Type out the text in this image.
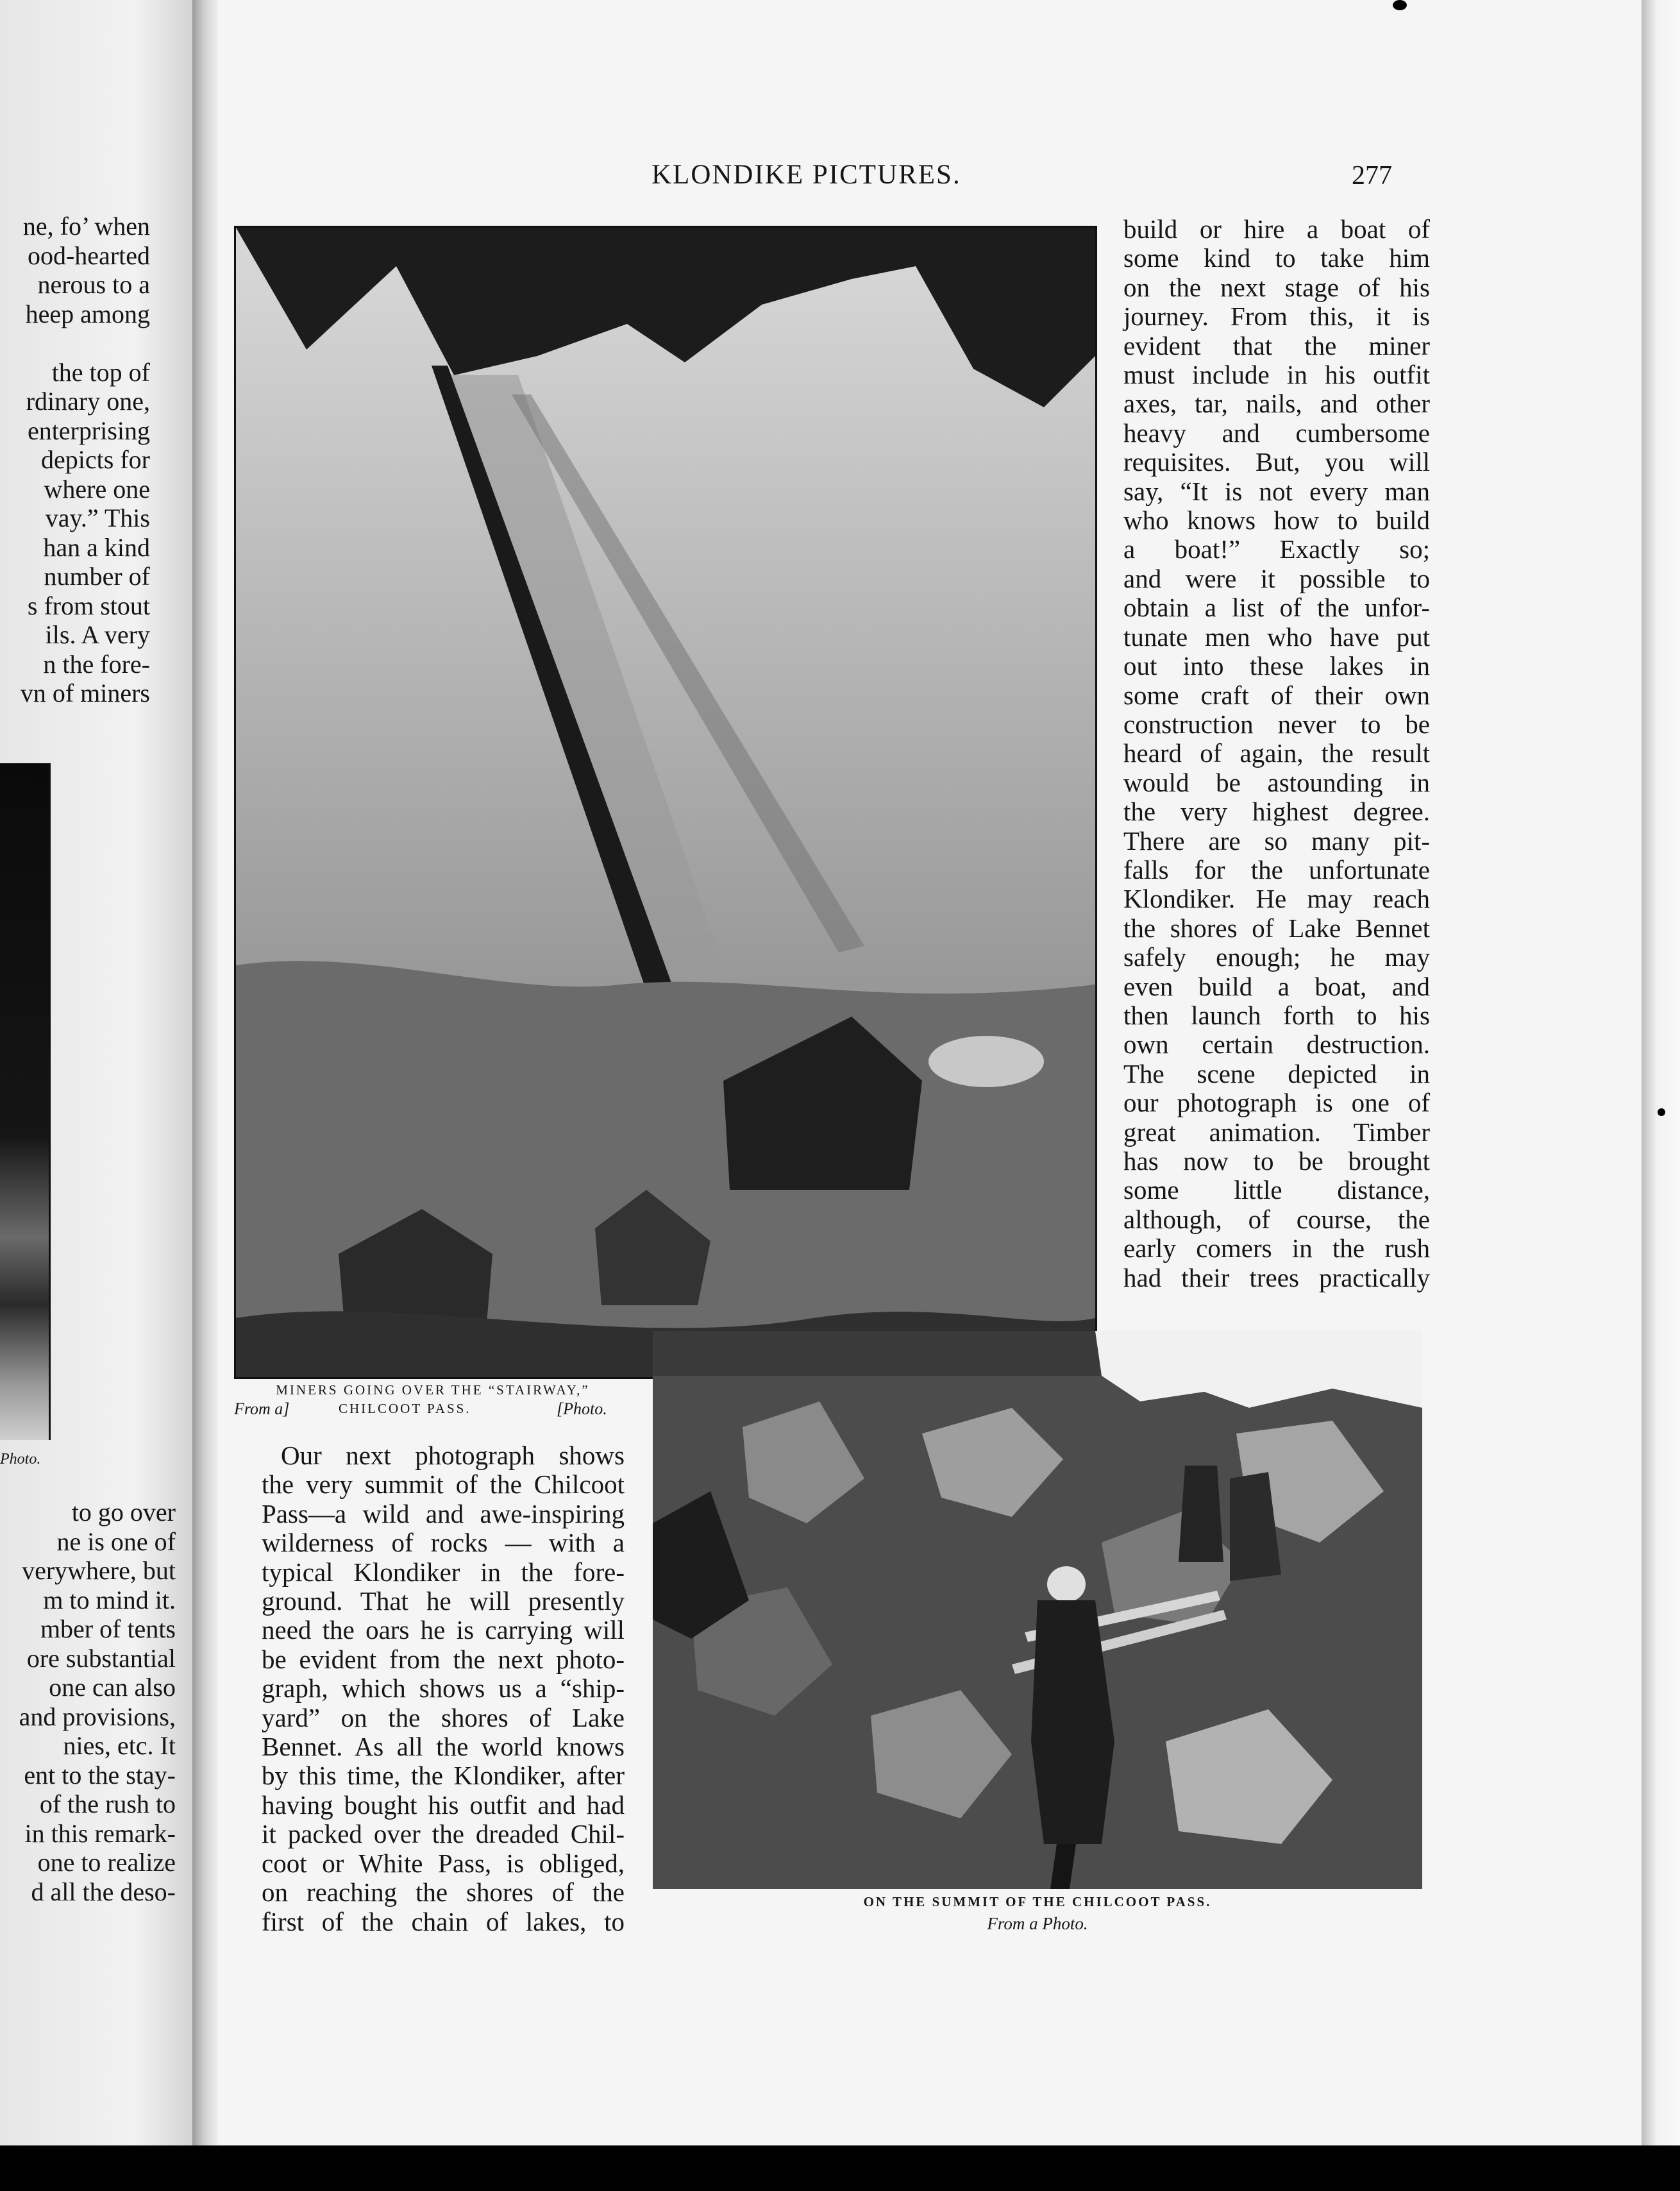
ne, fo’ when
ood-hearted
nerous to a
heep among

the top of
rdinary one,
enterprising
depicts for
where one
vay.” This
han a kind
number of
s from stout
ils. A very
n the fore-
vn of miners
Photo.
to go over
ne is one of
verywhere, but
m to mind it.
mber of tents
ore substantial
one can also
and provisions,
nies, etc. It
ent to the stay-
of the rush to
in this remark-
one to realize
d all the deso-
KLONDIKE PICTURES.	277
MINERS GOING OVER THE “STAIRWAY,”
From a]	CHILCOOT PASS.	[Photo.
ON THE SUMMIT OF THE CHILCOOT PASS.
From a Photo.
build or hire a boat of
some kind to take him
on the next stage of his
journey. From this, it is
evident that the miner
must include in his outfit
axes, tar, nails, and other
heavy and cumbersome
requisites. But, you will
say, “It is not every man
who knows how to build
a boat!” Exactly so;
and were it possible to
obtain a list of the unfor-
tunate men who have put
out into these lakes in
some craft of their own
construction never to be
heard of again, the result
would be astounding in
the very highest degree.
There are so many pit-
falls for the unfortunate
Klondiker. He may reach
the shores of Lake Bennet
safely enough; he may
even build a boat, and
then launch forth to his
own certain destruction.
The scene depicted in
our photograph is one of
great animation. Timber
has now to be brought
some little distance,
although, of course, the
early comers in the rush
had their trees practically
Our next photograph shows
the very summit of the Chilcoot
Pass—a wild and awe-inspiring
wilderness of rocks — with a
typical Klondiker in the fore-
ground. That he will presently
need the oars he is carrying will
be evident from the next photo-
graph, which shows us a “ship-
yard” on the shores of Lake
Bennet. As all the world knows
by this time, the Klondiker, after
having bought his outfit and had
it packed over the dreaded Chil-
coot or White Pass, is obliged,
on reaching the shores of the
first of the chain of lakes, to
